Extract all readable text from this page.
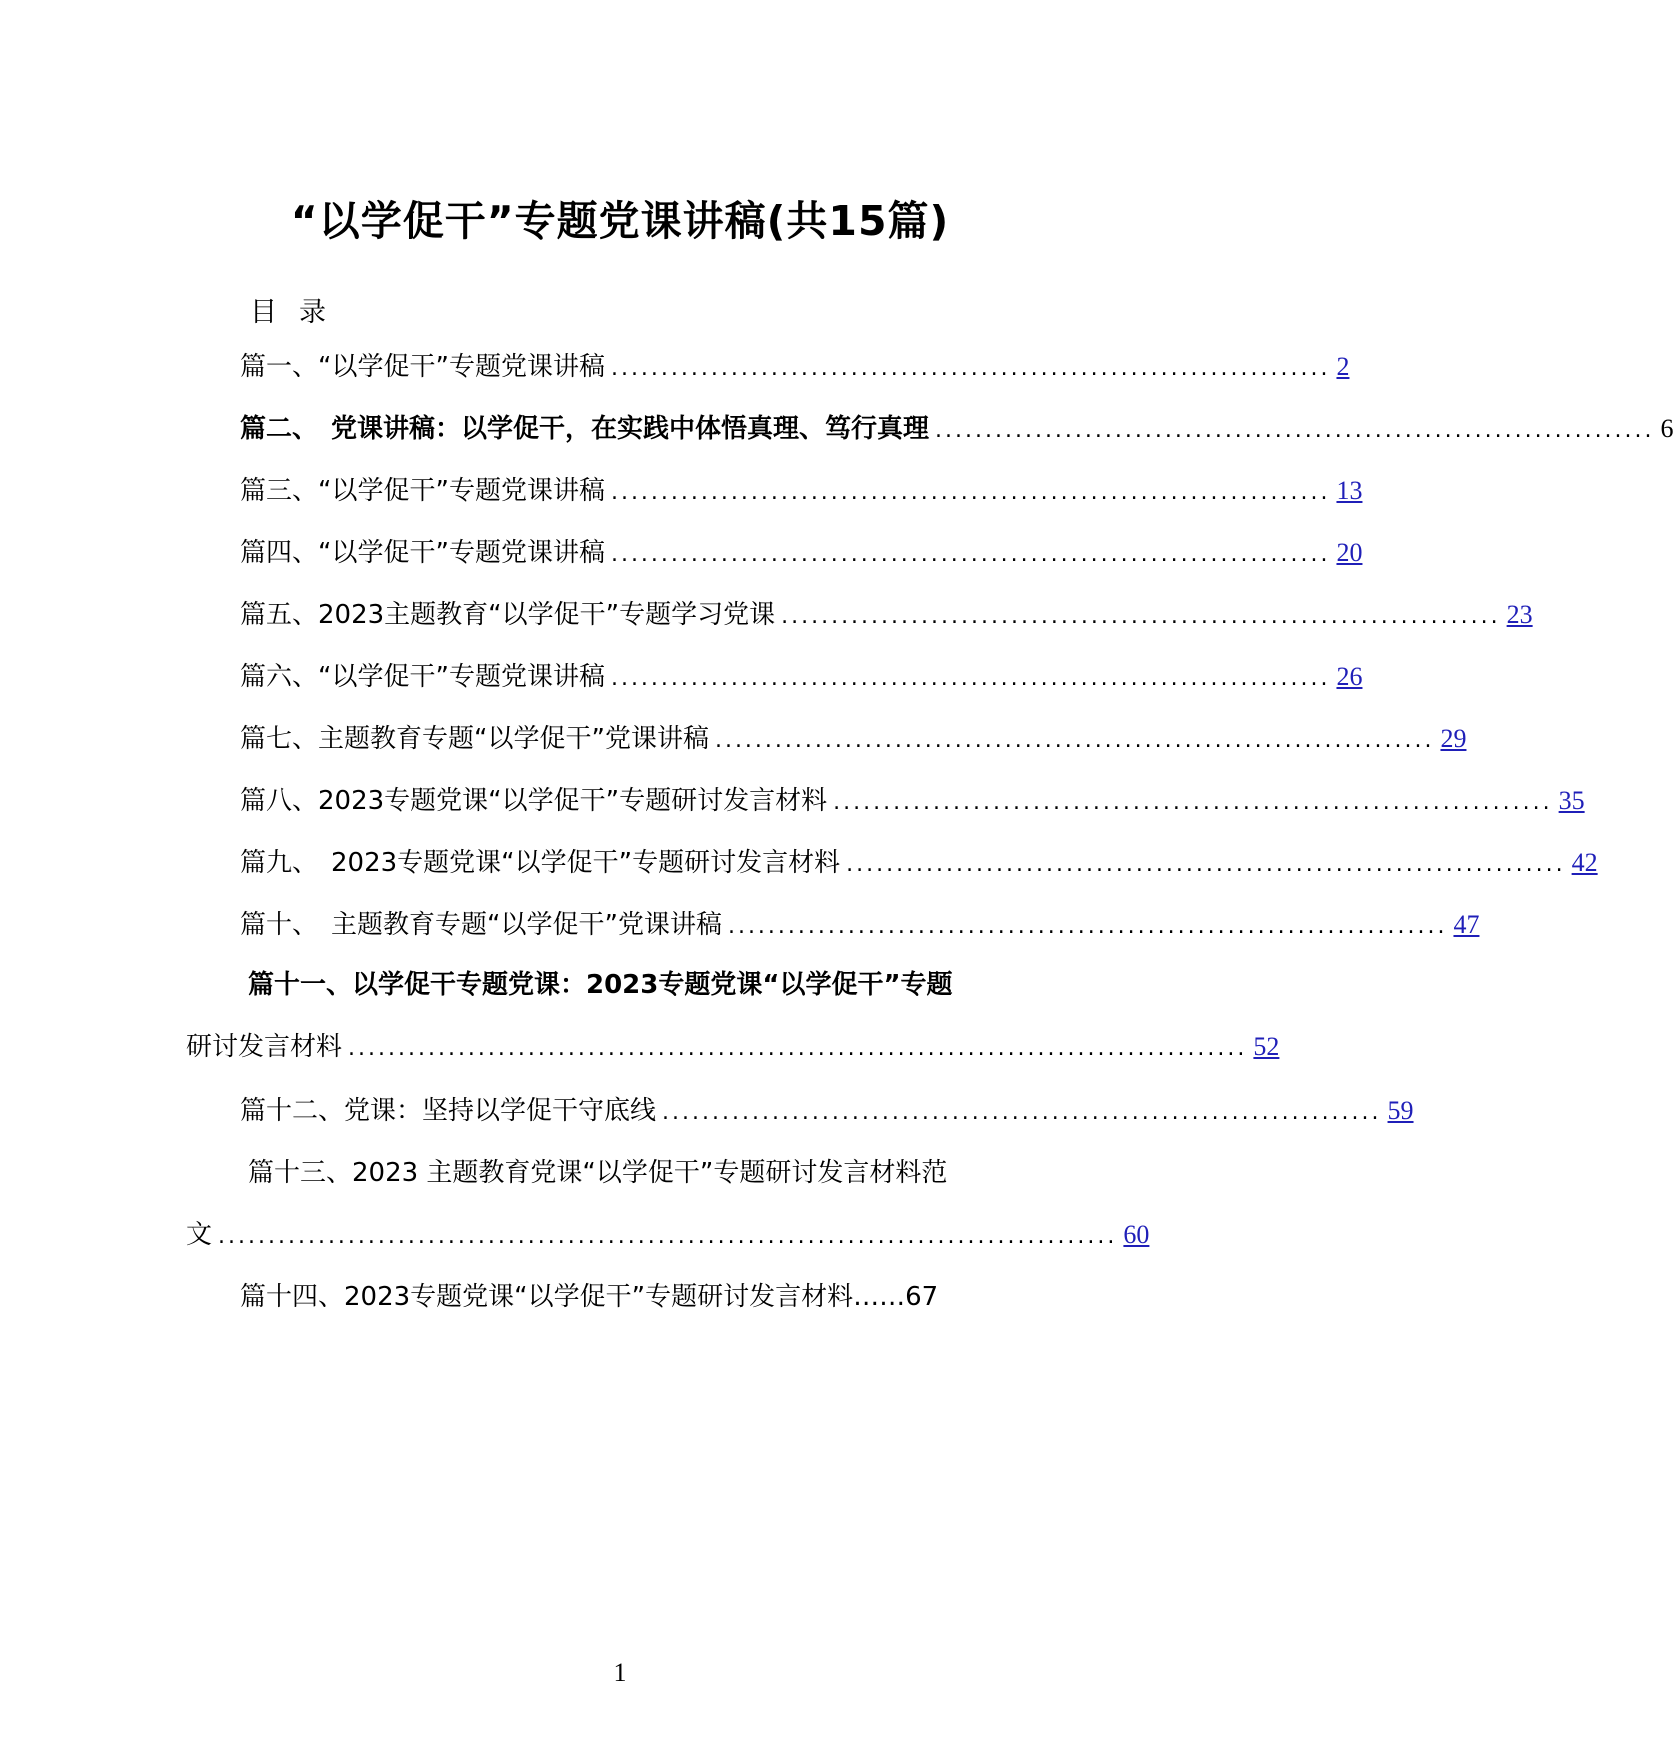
“以学促干”专题党课讲稿(共15篇)
目录
篇一、“以学促干”专题党课讲稿 ........................................................................ 2
篇二、　党课讲稿：以学促干，在实践中体悟真理、笃行真理 ........................................................................ 6
篇三、“以学促干”专题党课讲稿 ........................................................................ 13
篇四、“以学促干”专题党课讲稿 ........................................................................ 20
篇五、2023主题教育“以学促干”专题学习党课 ........................................................................ 23
篇六、“以学促干”专题党课讲稿 ........................................................................ 26
篇七、主题教育专题“以学促干”党课讲稿 ........................................................................ 29
篇八、2023专题党课“以学促干”专题研讨发言材料 ........................................................................ 35
篇九、　2023专题党课“以学促干”专题研讨发言材料 ........................................................................ 42
篇十、　主题教育专题“以学促干”党课讲稿 ........................................................................ 47
篇十一、以学促干专题党课：2023专题党课“以学促干”专题
研讨发言材料 .......................................................................................... 52
篇十二、党课：坚持以学促干守底线 ........................................................................ 59
篇十三、2023 主题教育党课“以学促干”专题研讨发言材料范
文 .......................................................................................... 60
篇十四、2023专题党课“以学促干”专题研讨发言材料……67
1
